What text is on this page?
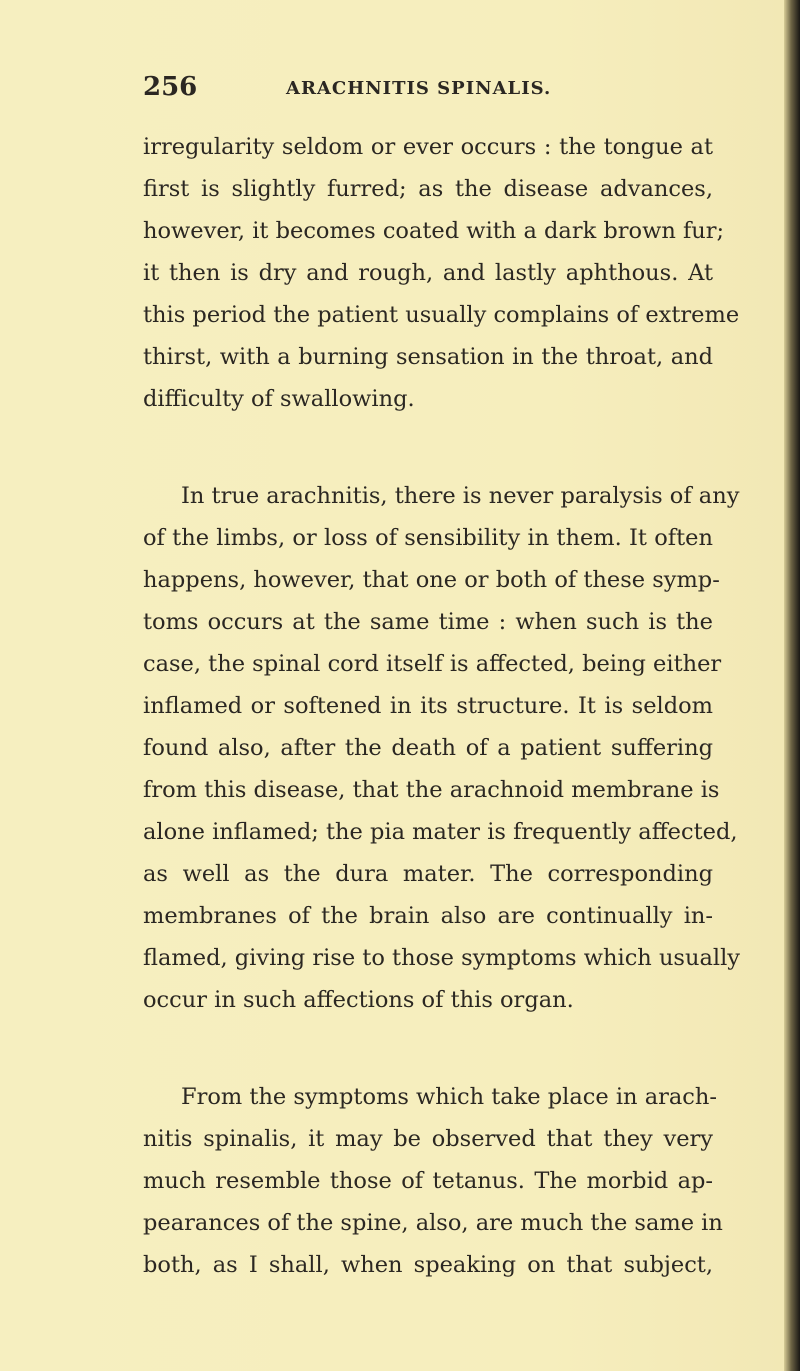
256	ARACHNITIS SPINALIS.
irregularity seldom or ever occurs : the tongue at
first is slightly furred; as the disease advances,
however, it becomes coated with a dark brown fur;
it then is dry and rough, and lastly aphthous. At
this period the patient usually complains of extreme
thirst, with a burning sensation in the throat, and
difficulty of swallowing.
In true arachnitis, there is never paralysis of any
of the limbs, or loss of sensibility in them. It often
happens, however, that one or both of these symp-
toms occurs at the same time : when such is the
case, the spinal cord itself is affected, being either
inflamed or softened in its structure. It is seldom
found also, after the death of a patient suffering
from this disease, that the arachnoid membrane is
alone inflamed; the pia mater is frequently affected,
as well as the dura mater. The corresponding
membranes of the brain also are continually in-
flamed, giving rise to those symptoms which usually
occur in such affections of this organ.
From the symptoms which take place in arach-
nitis spinalis, it may be observed that they very
much resemble those of tetanus. The morbid ap-
pearances of the spine, also, are much the same in
both, as I shall, when speaking on that subject,
